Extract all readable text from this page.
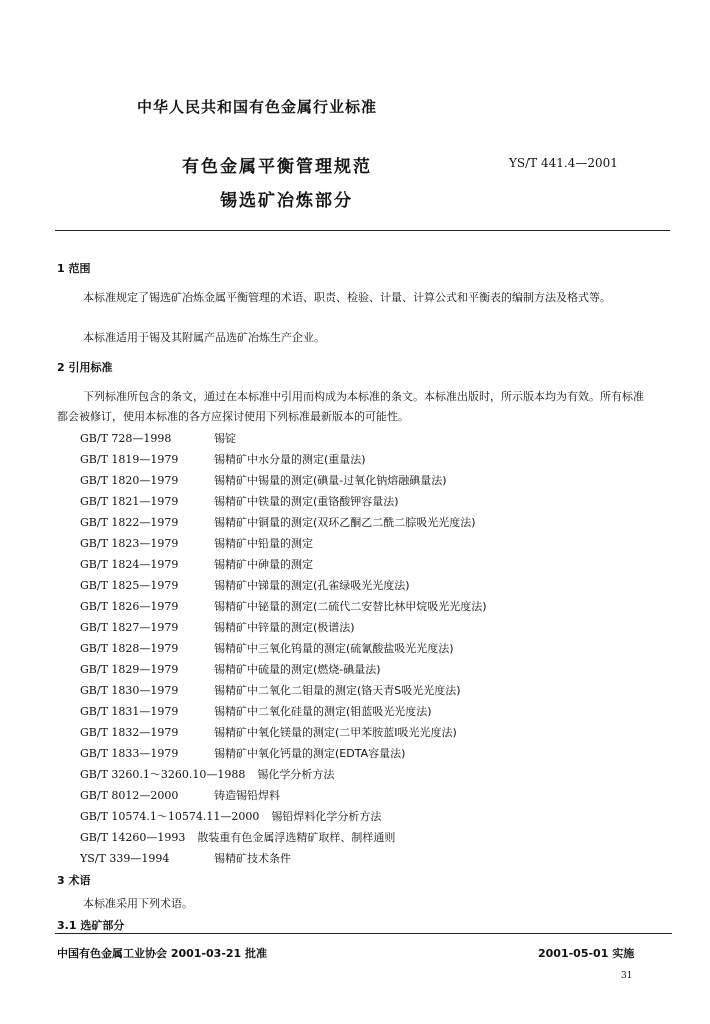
中华人民共和国有色金属行业标准
有色金属平衡管理规范
锡选矿冶炼部分
YS/T 441.4—2001
1 范围
本标准规定了锡选矿冶炼金属平衡管理的术语、职责、检验、计量、计算公式和平衡表的编制方法及格式等。
本标准适用于锡及其附属产品选矿冶炼生产企业。
2 引用标准
下列标准所包含的条文，通过在本标准中引用而构成为本标准的条文。本标准出版时，所示版本均为有效。所有标准都会被修订，使用本标准的各方应探讨使用下列标准最新版本的可能性。
GB/T 728—1998	锡锭
GB/T 1819—1979	锡精矿中水分量的测定(重量法)
GB/T 1820—1979	锡精矿中锡量的测定(碘量-过氧化钠熔融碘量法)
GB/T 1821—1979	锡精矿中铁量的测定(重铬酸钾容量法)
GB/T 1822—1979	锡精矿中铜量的测定(双环乙酮乙二酰二腙吸光光度法)
GB/T 1823—1979	锡精矿中铅量的测定
GB/T 1824—1979	锡精矿中砷量的测定
GB/T 1825—1979	锡精矿中锑量的测定(孔雀绿吸光光度法)
GB/T 1826—1979	锡精矿中铋量的测定(二硫代二安替比林甲烷吸光光度法)
GB/T 1827—1979	锡精矿中锌量的测定(极谱法)
GB/T 1828—1979	锡精矿中三氧化钨量的测定(硫氰酸盐吸光光度法)
GB/T 1829—1979	锡精矿中硫量的测定(燃烧-碘量法)
GB/T 1830—1979	锡精矿中二氧化二钼量的测定(铬天青S吸光光度法)
GB/T 1831—1979	锡精矿中二氧化硅量的测定(钼蓝吸光光度法)
GB/T 1832—1979	锡精矿中氧化镁量的测定(二甲苯胺蓝Ⅰ吸光光度法)
GB/T 1833—1979	锡精矿中氧化钙量的测定(EDTA容量法)
GB/T 3260.1～3260.10—1988 锡化学分析方法
GB/T 8012—2000	铸造锡铅焊料
GB/T 10574.1～10574.11—2000 锡铅焊料化学分析方法
GB/T 14260—1993 散装重有色金属浮选精矿取样、制样通则
YS/T 339—1994	锡精矿技术条件
3 术语
本标准采用下列术语。
3.1 选矿部分
中国有色金属工业协会 2001-03-21 批准	2001-05-01 实施
31
